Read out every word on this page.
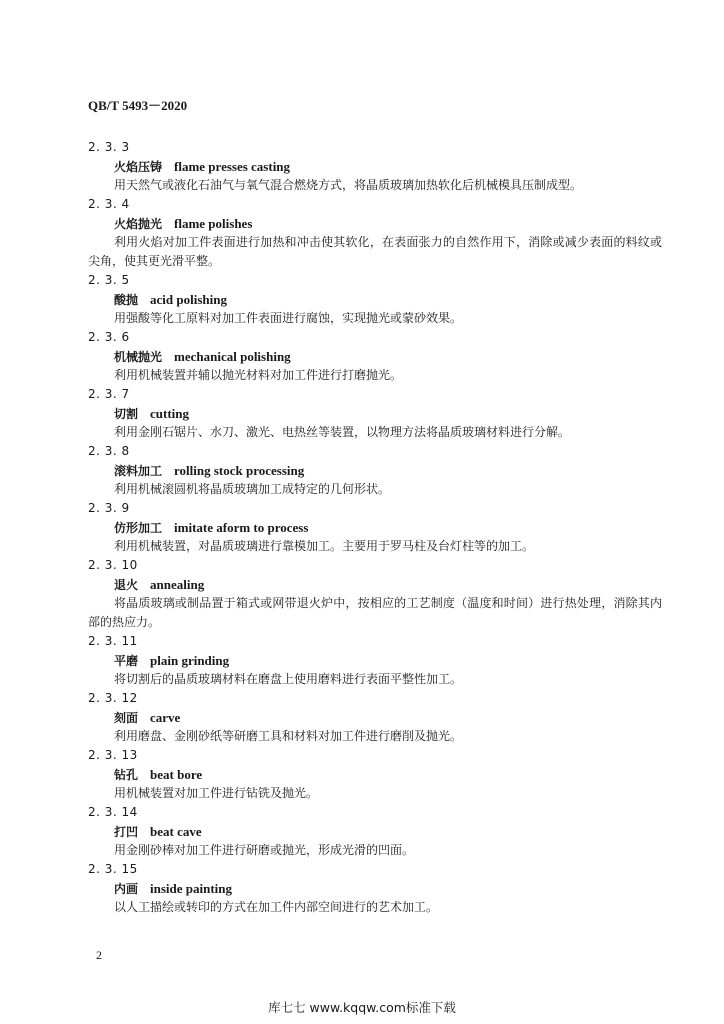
QB/T 5493－2020
2. 3. 3
火焰压铸 flame presses casting
用天然气或液化石油气与氧气混合燃烧方式，将晶质玻璃加热软化后机械模具压制成型。
2. 3. 4
火焰抛光 flame polishes
利用火焰对加工件表面进行加热和冲击使其软化，在表面张力的自然作用下，消除或减少表面的料纹或尖角，使其更光滑平整。
2. 3. 5
酸抛 acid polishing
用强酸等化工原料对加工件表面进行腐蚀，实现抛光或蒙砂效果。
2. 3. 6
机械抛光 mechanical polishing
利用机械装置并辅以抛光材料对加工件进行打磨抛光。
2. 3. 7
切割 cutting
利用金刚石锯片、水刀、激光、电热丝等装置，以物理方法将晶质玻璃材料进行分解。
2. 3. 8
滚料加工 rolling stock processing
利用机械滚圆机将晶质玻璃加工成特定的几何形状。
2. 3. 9
仿形加工 imitate aform to process
利用机械装置，对晶质玻璃进行靠模加工。主要用于罗马柱及台灯柱等的加工。
2. 3. 10
退火 annealing
将晶质玻璃或制品置于箱式或网带退火炉中，按相应的工艺制度（温度和时间）进行热处理，消除其内部的热应力。
2. 3. 11
平磨 plain grinding
将切割后的晶质玻璃材料在磨盘上使用磨料进行表面平整性加工。
2. 3. 12
刻面 carve
利用磨盘、金刚砂纸等研磨工具和材料对加工件进行磨削及抛光。
2. 3. 13
钻孔 beat bore
用机械装置对加工件进行钻铣及抛光。
2. 3. 14
打凹 beat cave
用金刚砂棒对加工件进行研磨或抛光，形成光滑的凹面。
2. 3. 15
内画 inside painting
以人工描绘或转印的方式在加工件内部空间进行的艺术加工。
2
库七七 www.kqqw.com标准下载
